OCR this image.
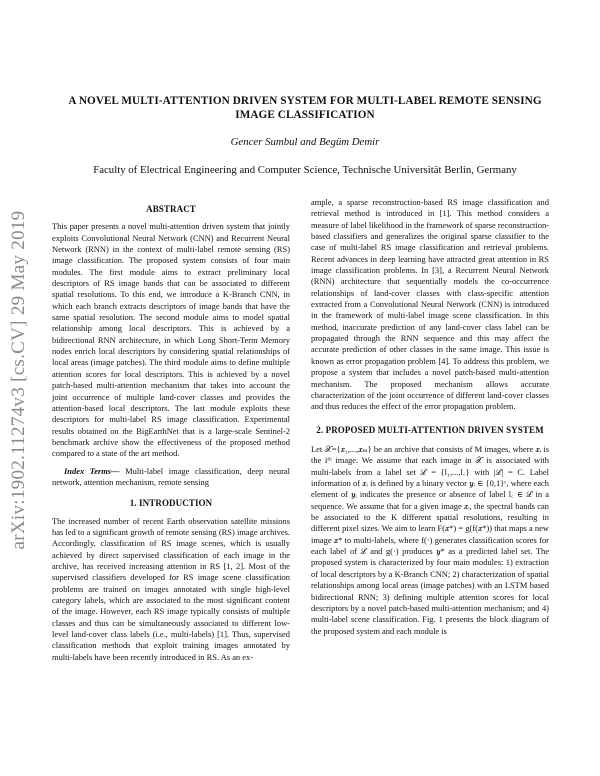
arXiv:1902.11274v3 [cs.CV] 29 May 2019
A NOVEL MULTI-ATTENTION DRIVEN SYSTEM FOR MULTI-LABEL REMOTE SENSING IMAGE CLASSIFICATION
Gencer Sumbul and Begüm Demir
Faculty of Electrical Engineering and Computer Science, Technische Universität Berlin, Germany
ABSTRACT

This paper presents a novel multi-attention driven system that jointly exploits Convolutional Neural Network (CNN) and Recurrent Neural Network (RNN) in the context of multi-label remote sensing (RS) image classification. The proposed system consists of four main modules. The first module aims to extract preliminary local descriptors of RS image bands that can be associated to different spatial resolutions. To this end, we introduce a K-Branch CNN, in which each branch extracts descriptors of image bands that have the same spatial resolution. The second module aims to model spatial relationship among local descriptors. This is achieved by a bidirectional RNN architecture, in which Long Short-Term Memory nodes enrich local descriptors by considering spatial relationships of local areas (image patches). The third module aims to define multiple attention scores for local descriptors. This is achieved by a novel patch-based multi-attention mechanism that takes into account the joint occurrence of multiple land-cover classes and provides the attention-based local descriptors. The last module exploits these descriptors for multi-label RS image classification. Experimental results obtained on the BigEarthNet that is a large-scale Sentinel-2 benchmark archive show the effectiveness of the proposed method compared to a state of the art method.

Index Terms— Multi-label image classification, deep neural network, attention mechanism, remote sensing

1. INTRODUCTION

The increased number of recent Earth observation satellite missions has led to a significant growth of remote sensing (RS) image archives. Accordingly, classification of RS image scenes, which is usually achieved by direct supervised classification of each image in the archive, has received increasing attention in RS [1, 2]. Most of the supervised classifiers developed for RS image scene classification problems are trained on images annotated with single high-level category labels, which are associated to the most significant content of the image. However, each RS image typically consists of multiple classes and thus can be simultaneously associated to different low-level land-cover class labels (i.e., multi-labels) [1]. Thus, supervised classification methods that exploit training images annotated by multi-labels have been recently introduced in RS. As an ex-

ample, a sparse reconstruction-based RS image classification and retrieval method is introduced in [1]. This method considers a measure of label likelihood in the framework of sparse reconstruction-based classifiers and generalizes the original sparse classifier to the case of multi-label RS image classification and retrieval problems. Recent advances in deep learning have attracted great attention in RS image classification problems. In [3], a Recurrent Neural Network (RNN) architecture that sequentially models the co-occurrence relationships of land-cover classes with class-specific attention extracted from a Convolutional Neural Network (CNN) is introduced in the framework of multi-label image scene classification. In this method, inaccurate prediction of any land-cover class label can be propagated through the RNN sequence and this may affect the accurate prediction of other classes in the same image. This issue is known as error propagation problem [4]. To address this problem, we propose a system that includes a novel patch-based multi-attention mechanism. The proposed mechanism allows accurate characterization of the joint occurrence of different land-cover classes and thus reduces the effect of the error propagation problem.

2. PROPOSED MULTI-ATTENTION DRIVEN SYSTEM

Let 𝒳={𝒙₁,...,𝒙ₘ} be an archive that consists of M images, where 𝒙ᵢ is the iᵗʰ image. We assume that each image in 𝒳 is associated with multi-labels from a label set ℒ = {l₁,...,l꜀} with |ℒ| = C. Label information of 𝒙ᵢ is defined by a binary vector 𝒚ᵢ ∈ {0,1}ᶜ, where each element of 𝒚ᵢ indicates the presence or absence of label l꜀ ∈ ℒ in a sequence. We assume that for a given image 𝒙ᵢ, the spectral bands can be associated to the K different spatial resolutions, resulting in different pixel sizes. We aim to learn F(𝒙*) = g(f(𝒙*)) that maps a new image 𝒙* to multi-labels, where f(·) generates classification scores for each label of ℒ and g(·) produces 𝒚* as a predicted label set. The proposed system is characterized by four main modules: 1) extraction of local descriptors by a K-Branch CNN; 2) characterization of spatial relationships among local areas (image patches) with an LSTM based bidirectional RNN; 3) defining multiple attention scores for local descriptors by a novel patch-based multi-attention mechanism; and 4) multi-label scene classification. Fig. 1 presents the block diagram of the proposed system and each module is
